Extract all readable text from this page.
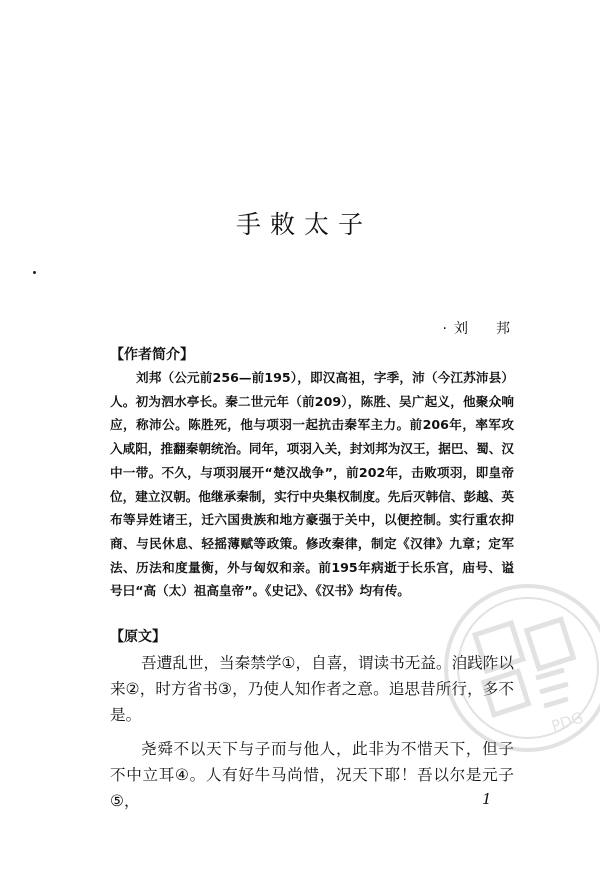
手敕太子
·刘　邦
【作者简介】

刘邦（公元前256—前195），即汉高祖，字季，沛（今江苏沛县）人。初为泗水亭长。秦二世元年（前209），陈胜、吴广起义，他聚众响应，称沛公。陈胜死，他与项羽一起抗击秦军主力。前206年，率军攻入咸阳，推翻秦朝统治。同年，项羽入关，封刘邦为汉王，据巴、蜀、汉中一带。不久，与项羽展开“楚汉战争”，前202年，击败项羽，即皇帝位，建立汉朝。他继承秦制，实行中央集权制度。先后灭韩信、彭越、英布等异姓诸王，迁六国贵族和地方豪强于关中，以便控制。实行重农抑商、与民休息、轻摇薄赋等政策。修改秦律，制定《汉律》九章；定军法、历法和度量衡，外与匈奴和亲。前195年病逝于长乐宫，庙号、谥号曰“高（太）祖高皇帝”。《史记》、《汉书》均有传。

【原文】

吾遭乱世，当秦禁学①，自喜，谓读书无益。洎践阼以来②，时方省书③，乃使人知作者之意。追思昔所行，多不是。

尧舜不以天下与子而与他人，此非为不惜天下，但子不中立耳④。人有好牛马尚惜，况天下耶！吾以尔是元子⑤，	1
PDG
